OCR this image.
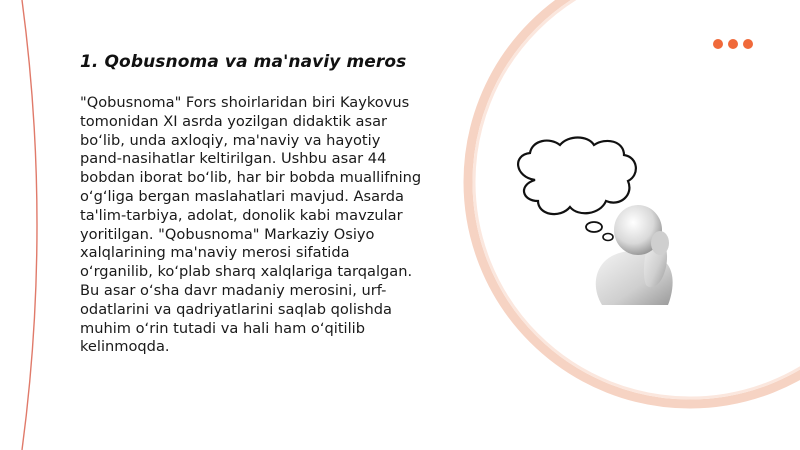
1. Qobusnoma va ma'naviy meros

"Qobusnoma" Fors shoirlaridan biri Kaykovus tomonidan XI asrda yozilgan didaktik asar boʻlib, unda axloqiy, ma'naviy va hayotiy pand-nasihatlar keltirilgan. Ushbu asar 44 bobdan iborat boʻlib, har bir bobda muallifning oʻgʻliga bergan maslahatlari mavjud. Asarda ta'lim-tarbiya, adolat, donolik kabi mavzular yoritilgan. "Qobusnoma" Markaziy Osiyo xalqlarining ma'naviy merosi sifatida oʻrganilib, koʻplab sharq xalqlariga tarqalgan. Bu asar oʻsha davr madaniy merosini, urf-odatlarini va qadriyatlarini saqlab qolishda muhim oʻrin tutadi va hali ham oʻqitilib kelinmoqda.
